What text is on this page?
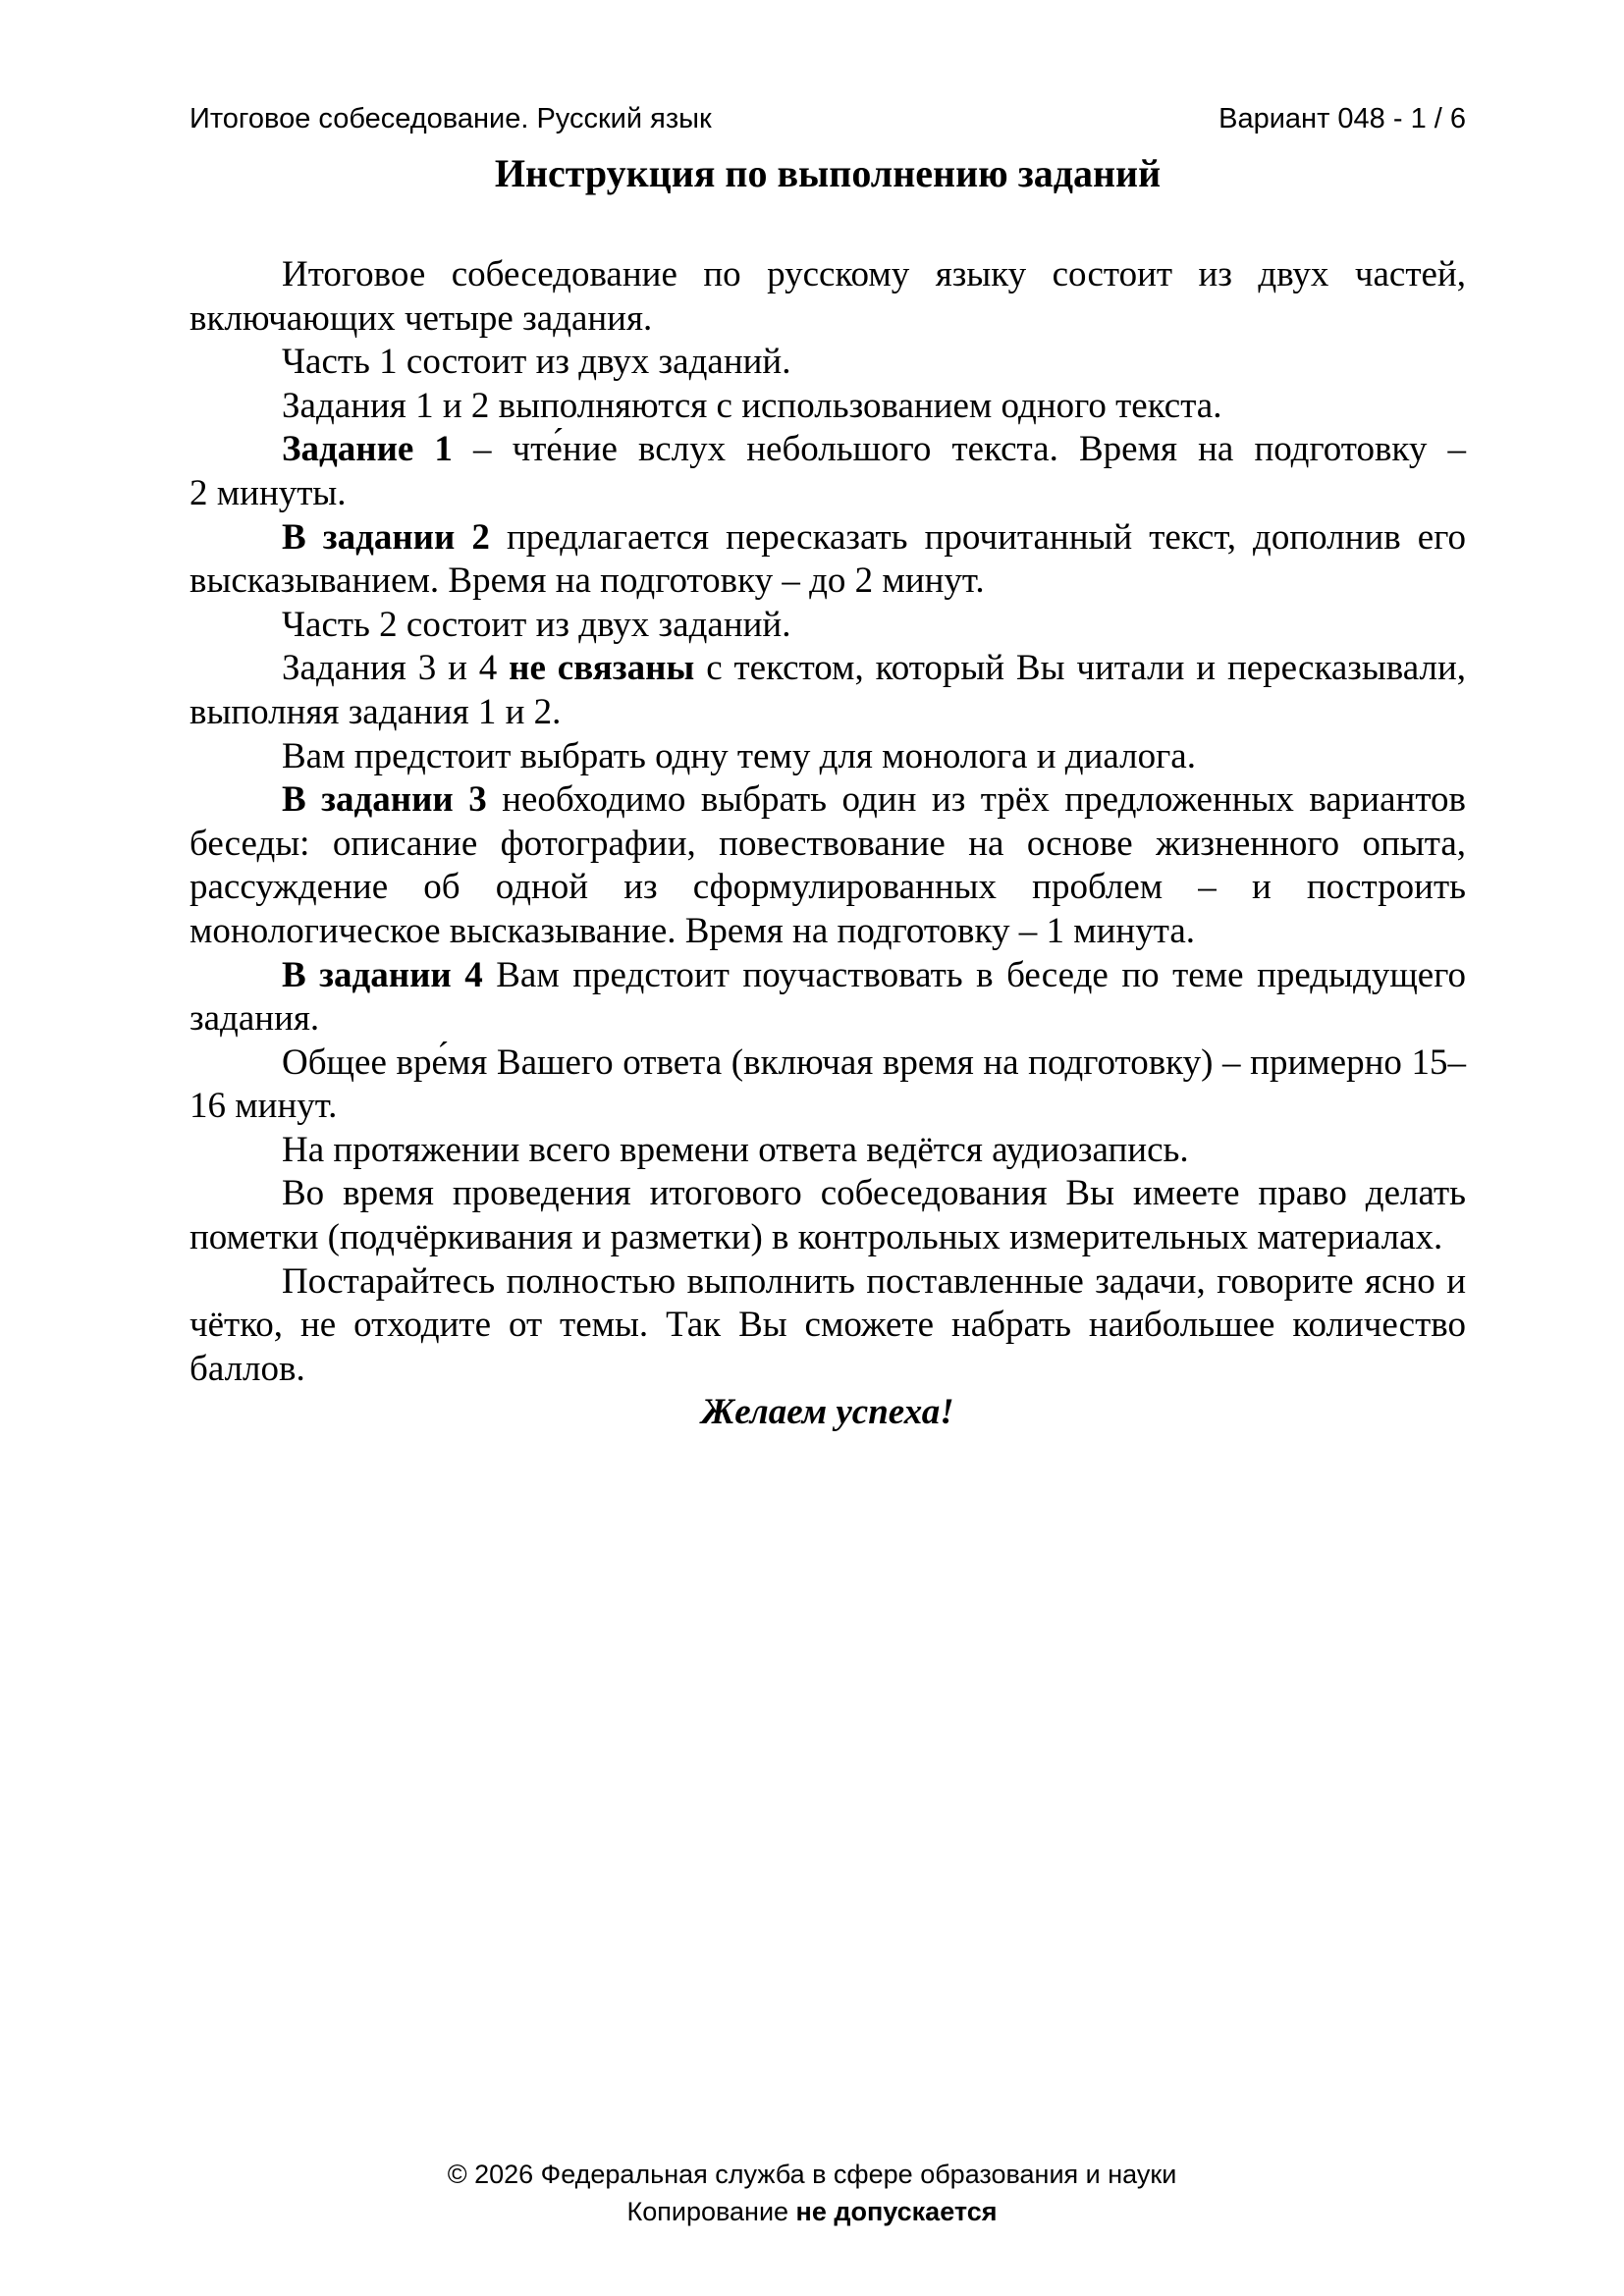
Итоговое собеседование. Русский язык	Вариант 048 - 1 / 6
Инструкция по выполнению заданий

Итоговое собеседование по русскому языку состоит из двух частей, включающих четыре задания.

Часть 1 состоит из двух заданий.

Задания 1 и 2 выполняются с использованием одного текста.

Задание 1 – чте́ние вслух небольшого текста. Время на подготовку – 2 минуты.

В задании 2 предлагается пересказать прочитанный текст, дополнив его высказыванием. Время на подготовку – до 2 минут.

Часть 2 состоит из двух заданий.

Задания 3 и 4 не связаны с текстом, который Вы читали и пересказывали, выполняя задания 1 и 2.

Вам предстоит выбрать одну тему для монолога и диалога.

В задании 3 необходимо выбрать один из трёх предложенных вариантов беседы: описание фотографии, повествование на основе жизненного опыта, рассуждение об одной из сформулированных проблем – и построить монологическое высказывание. Время на подготовку – 1 минута.

В задании 4 Вам предстоит поучаствовать в беседе по теме предыдущего задания.

Общее вре́мя Вашего ответа (включая время на подготовку) – примерно 15–16 минут.

На протяжении всего времени ответа ведётся аудиозапись.

Во время проведения итогового собеседования Вы имеете право делать пометки (подчёркивания и разметки) в контрольных измерительных материалах.

Постарайтесь полностью выполнить поставленные задачи, говорите ясно и чётко, не отходите от темы. Так Вы сможете набрать наибольшее количество баллов.

Желаем успеха!

© 2026 Федеральная служба в сфере образования и науки
Копирование не допускается
